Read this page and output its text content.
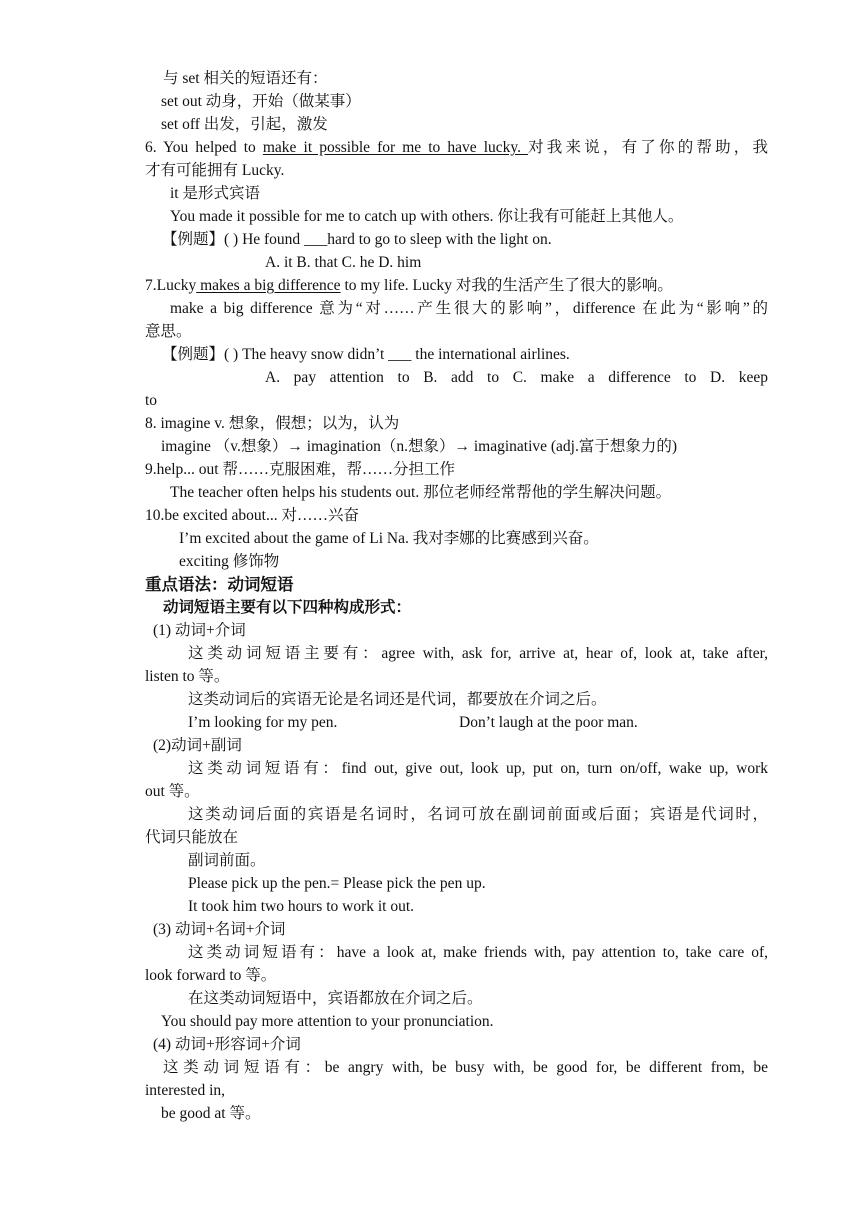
与 set 相关的短语还有：
set out 动身，开始（做某事）
set off 出发，引起，激发
6. You helped to make it possible for me to have lucky. 对我来说，有了你的帮助，我
才有可能拥有 Lucky.
it 是形式宾语
You made it possible for me to catch up with others. 你让我有可能赶上其他人。
【例题】( ) He found ___hard to go to sleep with the light on.
A. it B. that C. he D. him
7.Lucky makes a big difference to my life. Lucky 对我的生活产生了很大的影响。
make a big difference 意为“对……产生很大的影响”，difference 在此为“影响”的
意思。
【例题】( ) The heavy snow didn’t ___ the international airlines.
A. pay attention to B. add to C. make a difference to D. keep
to
8. imagine v. 想象，假想；以为，认为
imagine （v.想象）→ imagination（n.想象）→ imaginative (adj.富于想象力的)
9.help... out 帮……克服困难，帮……分担工作
The teacher often helps his students out. 那位老师经常帮他的学生解决问题。
10.be excited about... 对……兴奋
I’m excited about the game of Li Na. 我对李娜的比赛感到兴奋。
exciting 修饰物
重点语法：动词短语
动词短语主要有以下四种构成形式：
(1) 动词+介词
这类动词短语主要有：agree with, ask for, arrive at, hear of, look at, take after,
listen to 等。
这类动词后的宾语无论是名词还是代词，都要放在介词之后。
I’m looking for my pen.	Don’t laugh at the poor man.
(2)动词+副词
这类动词短语有：find out, give out, look up, put on, turn on/off, wake up, work
out 等。
这类动词后面的宾语是名词时，名词可放在副词前面或后面；宾语是代词时，
代词只能放在
副词前面。
Please pick up the pen.= Please pick the pen up.
It took him two hours to work it out.
(3) 动词+名词+介词
这类动词短语有：have a look at, make friends with, pay attention to, take care of,
look forward to 等。
在这类动词短语中，宾语都放在介词之后。
You should pay more attention to your pronunciation.
(4) 动词+形容词+介词
这类动词短语有：be angry with, be busy with, be good for, be different from, be
interested in,
be good at 等。
